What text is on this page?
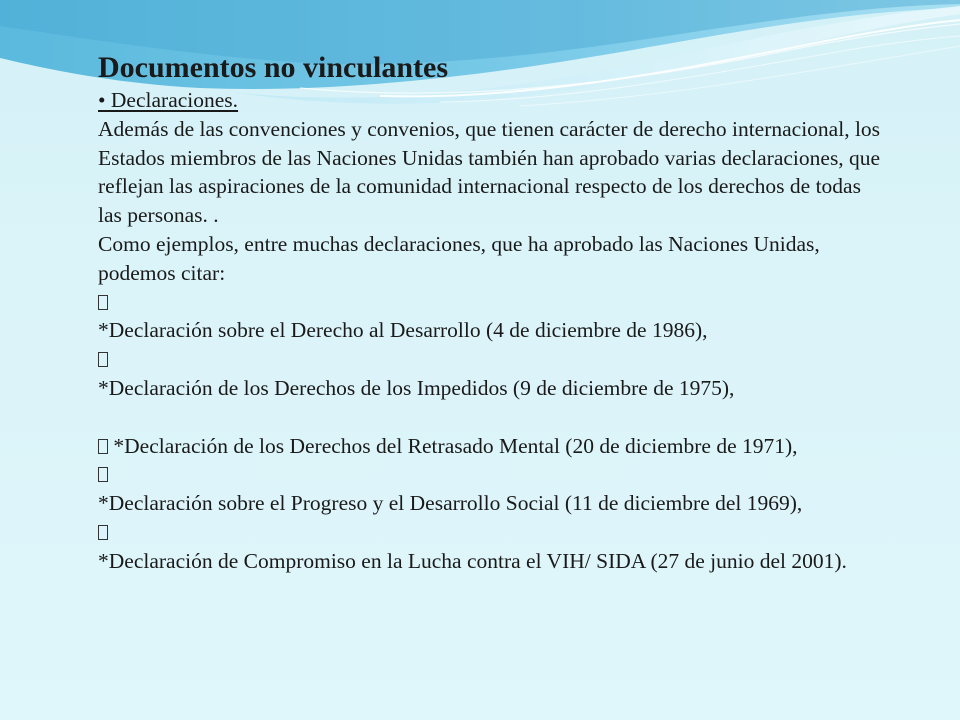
Documentos no vinculantes

• Declaraciones.

Además de las convenciones y convenios, que tienen carácter de derecho internacional, los Estados miembros de las Naciones Unidas también han aprobado varias declaraciones, que reflejan las aspiraciones de la comunidad internacional respecto de los derechos de todas las personas. .

Como ejemplos, entre muchas declaraciones, que ha aprobado las Naciones Unidas, podemos citar:

*Declaración sobre el Derecho al Desarrollo (4 de diciembre de 1986),

*Declaración de los Derechos de los Impedidos (9 de diciembre de 1975),

*Declaración de los Derechos del Retrasado Mental (20 de diciembre de 1971),

*Declaración sobre el Progreso y el Desarrollo Social (11 de diciembre del 1969),

*Declaración de Compromiso en la Lucha contra el VIH/ SIDA (27 de junio del 2001).
